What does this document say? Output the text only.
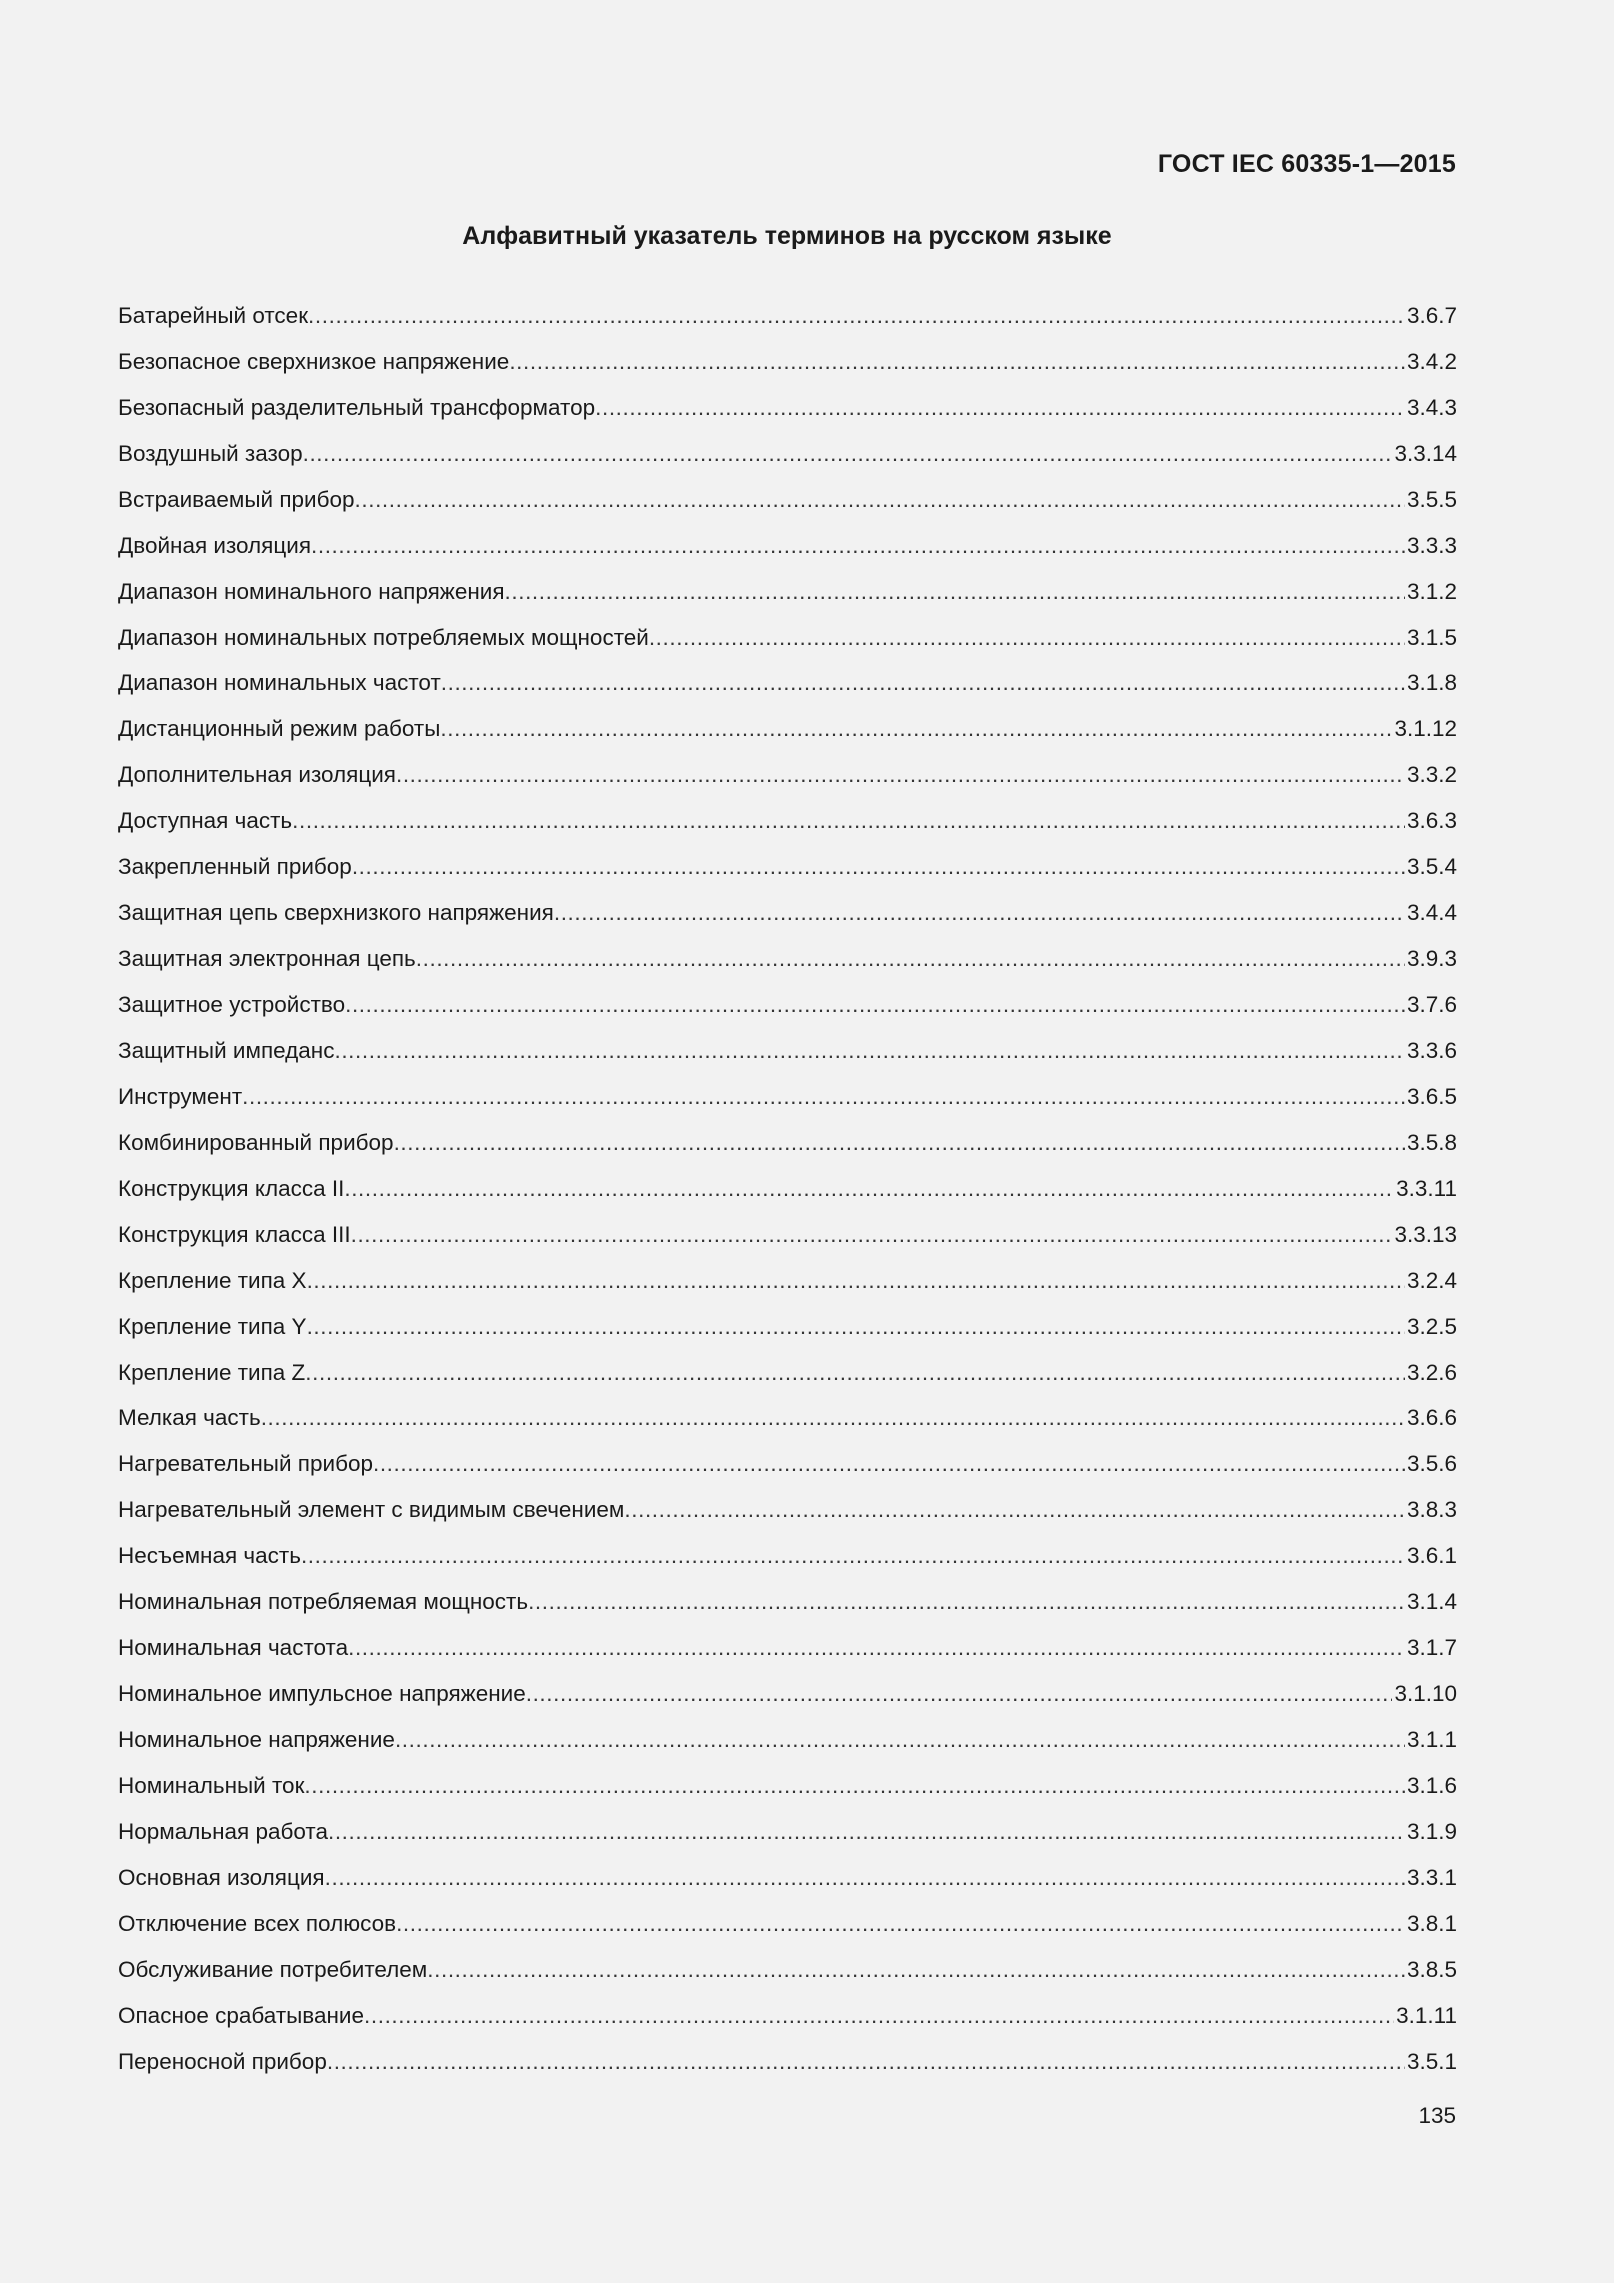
ГОСТ IEC 60335-1—2015
Алфавитный указатель терминов на русском языке
Батарейный отсек .....	3.6.7
Безопасное сверхнизкое напряжение .....	3.4.2
Безопасный разделительный трансформатор .....	3.4.3
Воздушный зазор .....	3.3.14
Встраиваемый прибор .....	3.5.5
Двойная изоляция .....	3.3.3
Диапазон номинального напряжения .....	3.1.2
Диапазон номинальных потребляемых мощностей .....	3.1.5
Диапазон номинальных частот .....	3.1.8
Дистанционный режим работы .....	3.1.12
Дополнительная изоляция .....	3.3.2
Доступная часть .....	3.6.3
Закрепленный прибор .....	3.5.4
Защитная цепь сверхнизкого напряжения .....	3.4.4
Защитная электронная цепь .....	3.9.3
Защитное устройство .....	3.7.6
Защитный импеданс .....	3.3.6
Инструмент .....	3.6.5
Комбинированный прибор .....	3.5.8
Конструкция класса II .....	3.3.11
Конструкция класса III .....	3.3.13
Крепление типа X .....	3.2.4
Крепление типа Y .....	3.2.5
Крепление типа Z .....	3.2.6
Мелкая часть .....	3.6.6
Нагревательный прибор .....	3.5.6
Нагревательный элемент с видимым свечением .....	3.8.3
Несъемная часть .....	3.6.1
Номинальная потребляемая мощность .....	3.1.4
Номинальная частота .....	3.1.7
Номинальное импульсное напряжение .....	3.1.10
Номинальное напряжение .....	3.1.1
Номинальный ток .....	3.1.6
Нормальная работа .....	3.1.9
Основная изоляция .....	3.3.1
Отключение всех полюсов .....	3.8.1
Обслуживание потребителем .....	3.8.5
Опасное срабатывание .....	3.1.11
Переносной прибор .....	3.5.1
135
